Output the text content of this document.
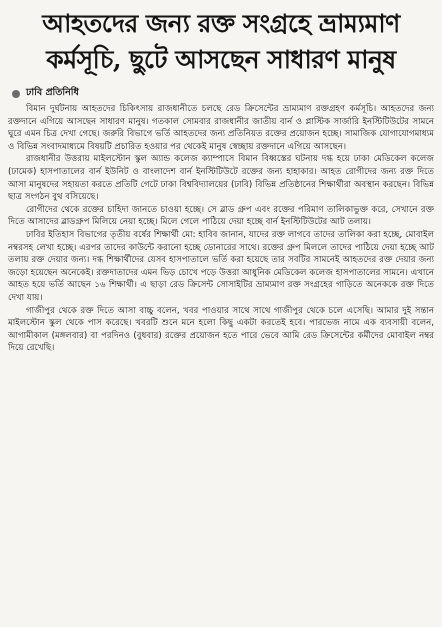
আহতদের জন্য রক্ত সংগ্রহে ভ্রাম্যমাণ
কর্মসূচি, ছুটে আসছেন সাধারণ মানুষ
ঢাবি প্রতিনিধি

বিমান দুর্ঘটনায় আহতদের চিকিৎসায় রাজধানীতে চলছে রেড ক্রিসেন্টের ভ্রাম্যমাণ রক্তগ্রহণ কর্মসূচি। আহতদের জন্য রক্তদানে এগিয়ে আসছেন সাধারণ মানুষ। গতকাল সোমবার রাজধানীর জাতীয় বার্ন ও প্লাস্টিক সার্জারি ইনস্টিটিউটের সামনে ঘুরে এমন চিত্র দেখা গেছে। জরুরি বিভাগে ভর্তি আহতদের জন্য প্রতিনিয়ত রক্তের প্রয়োজন হচ্ছে। সামাজিক যোগাযোগমাধ্যম ও বিভিন্ন সংবাদমাধ্যমে বিষয়টি প্রচারিত হওয়ার পর থেকেই মানুষ স্বেচ্ছায় রক্তদানে এগিয়ে আসছেন।

রাজধানীর উত্তরায় মাইলস্টোন স্কুল অ্যান্ড কলেজ ক্যাম্পাসে বিমান বিধ্বস্তের ঘটনায় দগ্ধ হয়ে ঢাকা মেডিকেল কলেজ (ঢামেক) হাসপাতালের বার্ন ইউনিট ও বাংলাদেশ বার্ন ইনস্টিটিউটে রক্তের জন্য হাহাকার। আহত রোগীদের জন্য রক্ত দিতে আসা মানুষদের সহায়তা করতে প্রতিটি গেটে ঢাকা বিশ্ববিদ্যালয়ের (ঢাবি) বিভিন্ন প্রতিষ্ঠানের শিক্ষার্থীরা অবস্থান করছেন। বিভিন্ন ছাত্র সংগঠন বুথ বসিয়েছে।

রোগীদের থেকে রক্তের চাহিদা জানতে চাওয়া হচ্ছে। সে ব্লাড গ্রুপ এবং রক্তের পরিমাণ তালিকাভুক্ত করে, সেখানে রক্ত দিতে আসাদের ব্লাডগ্রুপ মিলিয়ে নেয়া হচ্ছে। মিলে গেলে পাঠিয়ে দেয়া হচ্ছে বার্ন ইনস্টিটিউটের আট তলায়।

ঢাবির ইতিহাস বিভাগের তৃতীয় বর্ষের শিক্ষার্থী মো: হাবিব জানান, যাদের রক্ত লাগবে তাদের তালিকা করা হচ্ছে, মোবাইল নম্বরসহ লেখা হচ্ছে। এরপর তাদের কাউন্টে করানো হচ্ছে ডোনারের সাথে। রক্তের গ্রুপ মিললে তাদের পাঠিয়ে দেয়া হচ্ছে আট তলায় রক্ত দেয়ার জন্য। দগ্ধ শিক্ষার্থীদের যেসব হাসপাতালে ভর্তি করা হয়েছে তার সবটির সামনেই আহতদের রক্ত দেয়ার জন্য জড়ো হয়েছেন অনেকেই। রক্তদাতাদের এমন ভিড় চোখে পড়ে উত্তরা আধুনিক মেডিকেল কলেজ হাসপাতালের সামনে। এখানে আহত হয়ে ভর্তি আছেন ১৬ শিক্ষার্থী। এ ছাড়া রেড ক্রিসেন্ট সোসাইটির ভ্রাম্যমাণ রক্ত সংগ্রহের গাড়িতে অনেককে রক্ত দিতে দেখা যায়।

গাজীপুর থেকে রক্ত দিতে আসা বাচ্চু বলেন, খবর পাওয়ার সাথে সাথে গাজীপুর থেকে চলে এসেছি। আমার দুই সন্তান মাইলস্টোন স্কুল থেকে পাস করেছে। খবরটি শুনে মনে হলো কিছু একটা করতেই হবে। পারভেজ নামে এক ব্যবসায়ী বলেন, আগামীকাল (মঙ্গলবার) বা পরদিনও (বুধবার) রক্তের প্রয়োজন হতে পারে ভেবে আমি রেড ক্রিসেন্টের কর্মীদের মোবাইল নম্বর দিয়ে রেখেছি।
